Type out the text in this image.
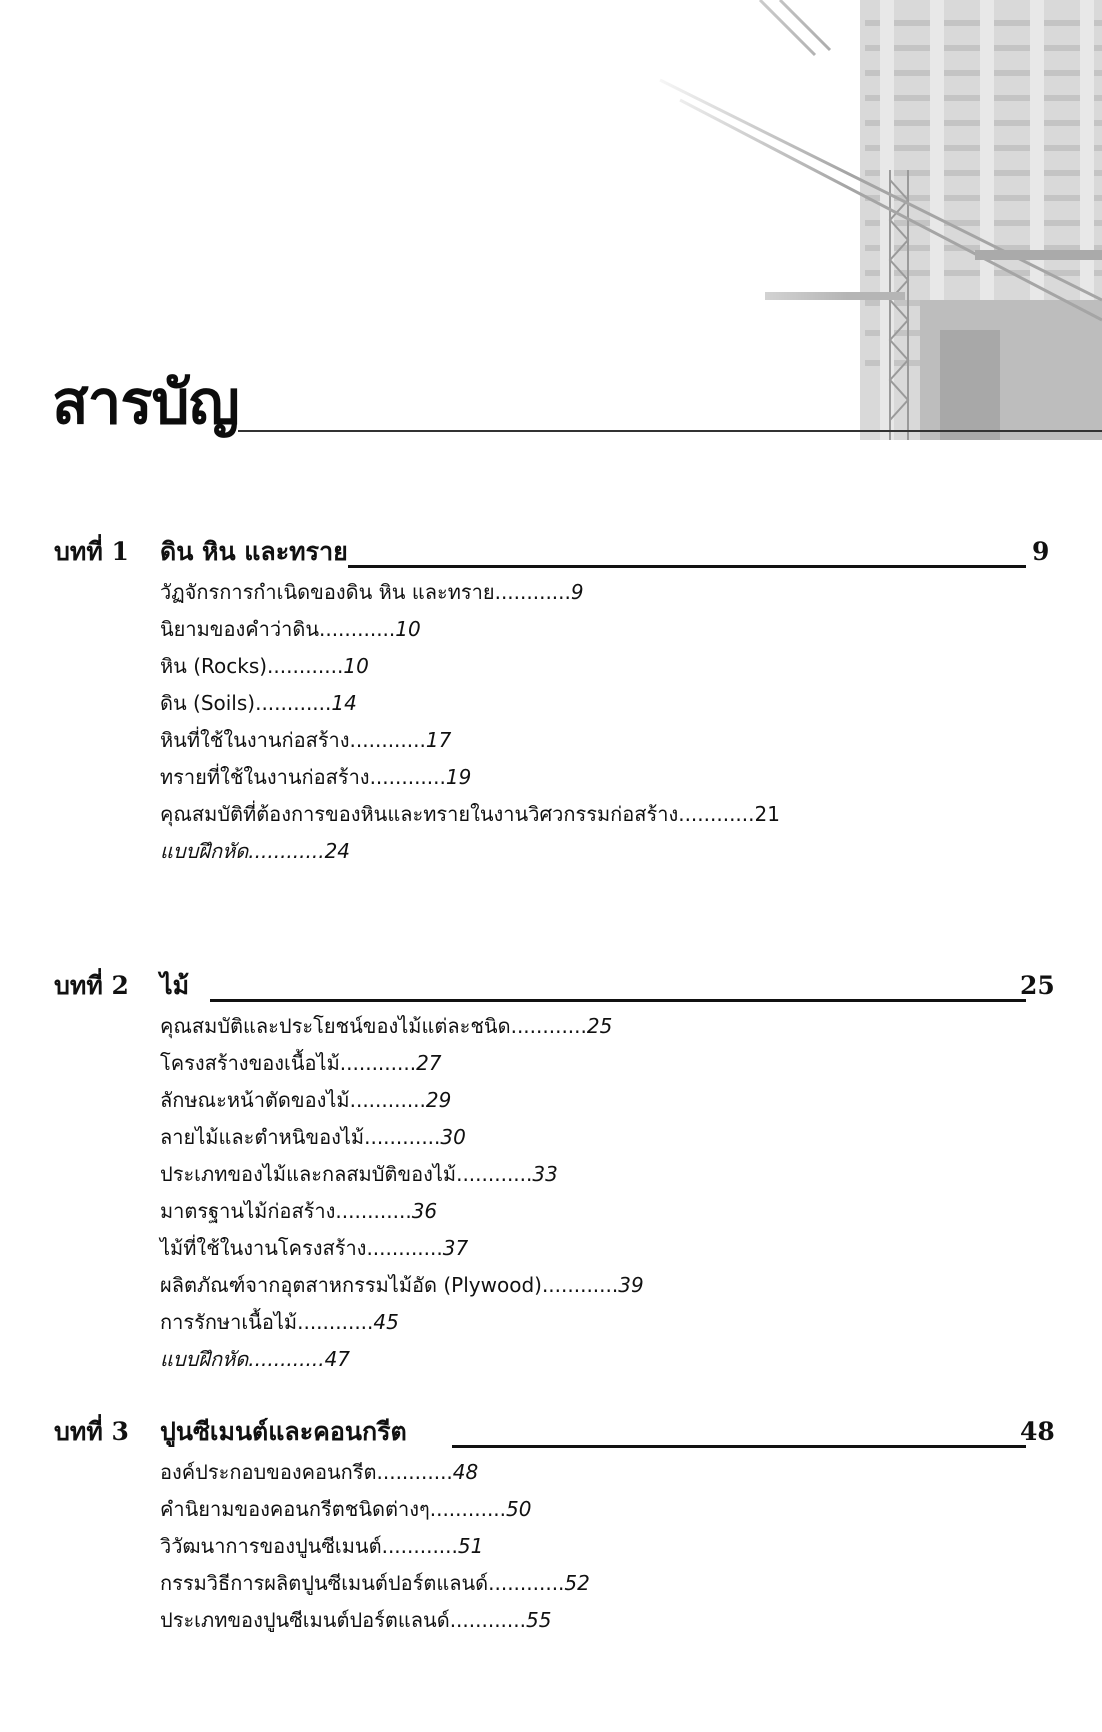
สารบัญ
บทที่ 1 ดิน หิน และทราย	9
วัฏจักรการกำเนิดของดิน หิน และทราย............9
นิยามของคำว่าดิน............10
หิน (Rocks)............10
ดิน (Soils)............14
หินที่ใช้ในงานก่อสร้าง............17
ทรายที่ใช้ในงานก่อสร้าง............19
คุณสมบัติที่ต้องการของหินและทรายในงานวิศวกรรมก่อสร้าง............21
แบบฝึกหัด............24
บทที่ 2 ไม้	25
คุณสมบัติและประโยชน์ของไม้แต่ละชนิด............25
โครงสร้างของเนื้อไม้............27
ลักษณะหน้าตัดของไม้............29
ลายไม้และตำหนิของไม้............30
ประเภทของไม้และกลสมบัติของไม้............33
มาตรฐานไม้ก่อสร้าง............36
ไม้ที่ใช้ในงานโครงสร้าง............37
ผลิตภัณฑ์จากอุตสาหกรรมไม้อัด (Plywood)............39
การรักษาเนื้อไม้............45
แบบฝึกหัด............47
บทที่ 3 ปูนซีเมนต์และคอนกรีต	48
องค์ประกอบของคอนกรีต............48
คำนิยามของคอนกรีตชนิดต่างๆ............50
วิวัฒนาการของปูนซีเมนต์............51
กรรมวิธีการผลิตปูนซีเมนต์ปอร์ตแลนด์............52
ประเภทของปูนซีเมนต์ปอร์ตแลนด์............55
